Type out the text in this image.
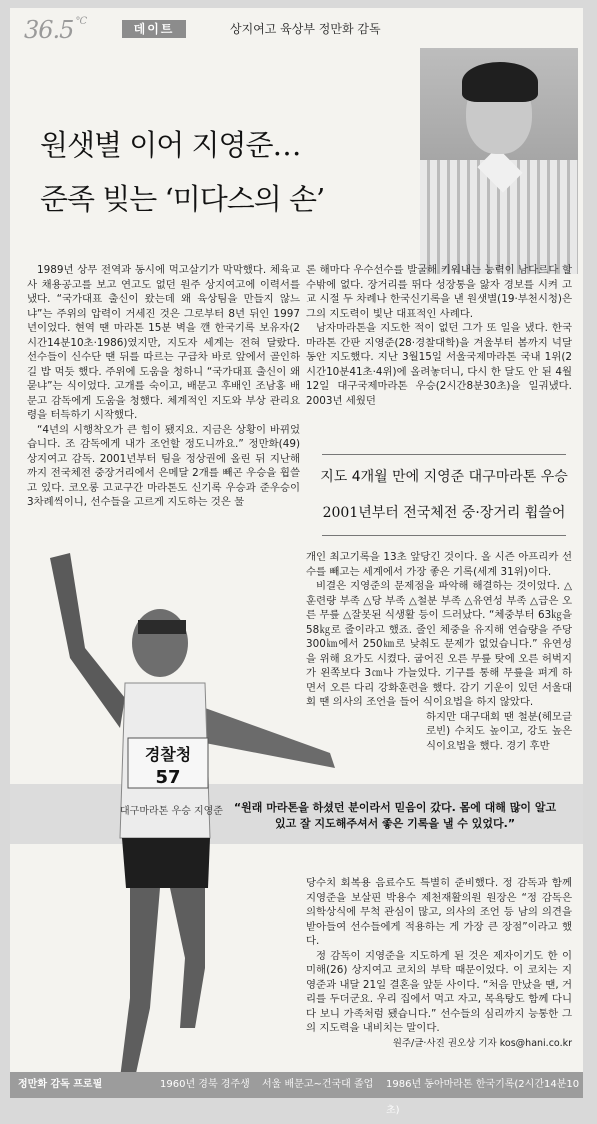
36.5 $^{^\circ C}$
데이트	상지여고 육상부 정만화 감독
원샛별 이어 지영준…
준족 빚는 ‘미다스의 손’

1989년 상무 전역과 동시에 먹고살기가 막막했다. 체육교사 채용공고를 보고 연고도 없던 원주 상지여고에 이력서를 냈다. “국가대표 출신이 왔는데 왜 육상팀을 만들지 않느냐”는 주위의 압력이 거세진 것은 그로부터 8년 뒤인 1997년이었다. 현역 땐 마라톤 15분 벽을 깬 한국기록 보유자(2시간14분10초·1986)였지만, 지도자 세계는 전혀 달랐다. 선수들이 신수단 땐 뒤를 따르는 구급차 바로 앞에서 골인하길 밥 먹듯 했다. 주위에 도움을 청하니 “국가대표 출신이 왜 묻냐”는 식이었다. 고개를 숙이고, 배문고 후배인 조남홍 배문고 감독에게 도움을 청했다. 체계적인 지도와 부상 관리요령을 터득하기 시작했다.

“4년의 시행착오가 큰 힘이 됐지요. 지금은 상황이 바뀌었습니다. 조 감독에게 내가 조언할 정도니까요.” 정만화(49) 상지여고 감독. 2001년부터 팀을 정상권에 올린 뒤 지난해까지 전국체전 중장거리에서 은메달 2개를 빼곤 우승을 휩쓸고 있다. 코오롱 고교구간 마라톤도 신기록 우승과 준우승이 3차례씩이니, 선수들을 고르게 지도하는 것은 물

론 해마다 우수선수를 발굴해 키워내는 능력이 남다르다 할 수밖에 없다. 장거리를 뛰다 성장통을 앓자 경보를 시켜 고교 시절 두 차례나 한국신기록을 낸 원샛별(19·부천시청)은 그의 지도력이 빛난 대표적인 사례다.

남자마라톤을 지도한 적이 없던 그가 또 일을 냈다. 한국 마라톤 간판 지영준(28·경찰대학)을 겨울부터 봄까지 넉달 동안 지도했다. 지난 3월15일 서울국제마라톤 국내 1위(2시간10분41초·4위)에 올려놓더니, 다시 한 달도 안 된 4월12일 대구국제마라톤 우승(2시간8분30초)을 일궈냈다. 2003년 세웠던

지도 4개월 만에 지영준 대구마라톤 우승
2001년부터 전국체전 중·장거리 휩쓸어

개인 최고기록을 13초 앞당긴 것이다. 올 시즌 아프리카 선수를 빼고는 세계에서 가장 좋은 기록(세계 31위)이다.

비결은 지영준의 문제점을 파악해 해결하는 것이었다. △훈련량 부족 △당 부족 △철분 부족 △유연성 부족 △급은 오른 무릎 △잘못된 식생활 등이 드러났다. “체중부터 63㎏을 58㎏로 줄이라고 했죠. 줄인 체중을 유지해 연습량을 주당 300㎞에서 250㎞로 낮춰도 문제가 없었습니다.” 유연성을 위해 요가도 시켰다. 굽어진 오른 무릎 탓에 오른 허벅지가 왼쪽보다 3㎝나 가늘었다. 기구를 통해 무릎을 펴게 하면서 오른 다리 강화훈련을 했다. 감기 기운이 있던 서울대회 땐 의사의 조언을 들어 식이요법을 하지 않았다.

하지만 대구대회 땐 철분(헤모글로빈) 수치도 높이고, 강도 높은 식이요법을 했다. 경기 후반

경찰청
57
대구마라톤 우승 지영준 “원래 마라톤을 하셨던 분이라서 믿음이 갔다. 몸에 대해 많이 알고 있고 잘 지도해주셔서 좋은 기록을 낼 수 있었다.”

당수치 회복용 음료수도 특별히 준비했다. 정 감독과 함께 지영준을 보살핀 박용수 제천재활의원 원장은 “정 감독은 의학상식에 무척 관심이 많고, 의사의 조언 등 남의 의견을 받아들여 선수들에게 적용하는 게 가장 큰 장점”이라고 했다.

정 감독이 지영준을 지도하게 된 것은 제자이기도 한 이미해(26) 상지여고 코치의 부탁 때문이었다. 이 코치는 지영준과 내달 21일 결혼을 앞둔 사이다. “처음 만났을 땐, 거리를 두더군요. 우리 집에서 먹고 자고, 목욕탕도 함께 다니다 보니 가족처럼 됐습니다.” 선수들의 심리까지 능통한 그의 지도력을 내비치는 말이다.

원주/글·사진 권오상 기자 kos@hani.co.kr
정만화 감독 프로필	1960년 경북 경주생 서울 배문고~건국대 졸업 1986년 동아마라톤 한국기록(2시간14분10초)
